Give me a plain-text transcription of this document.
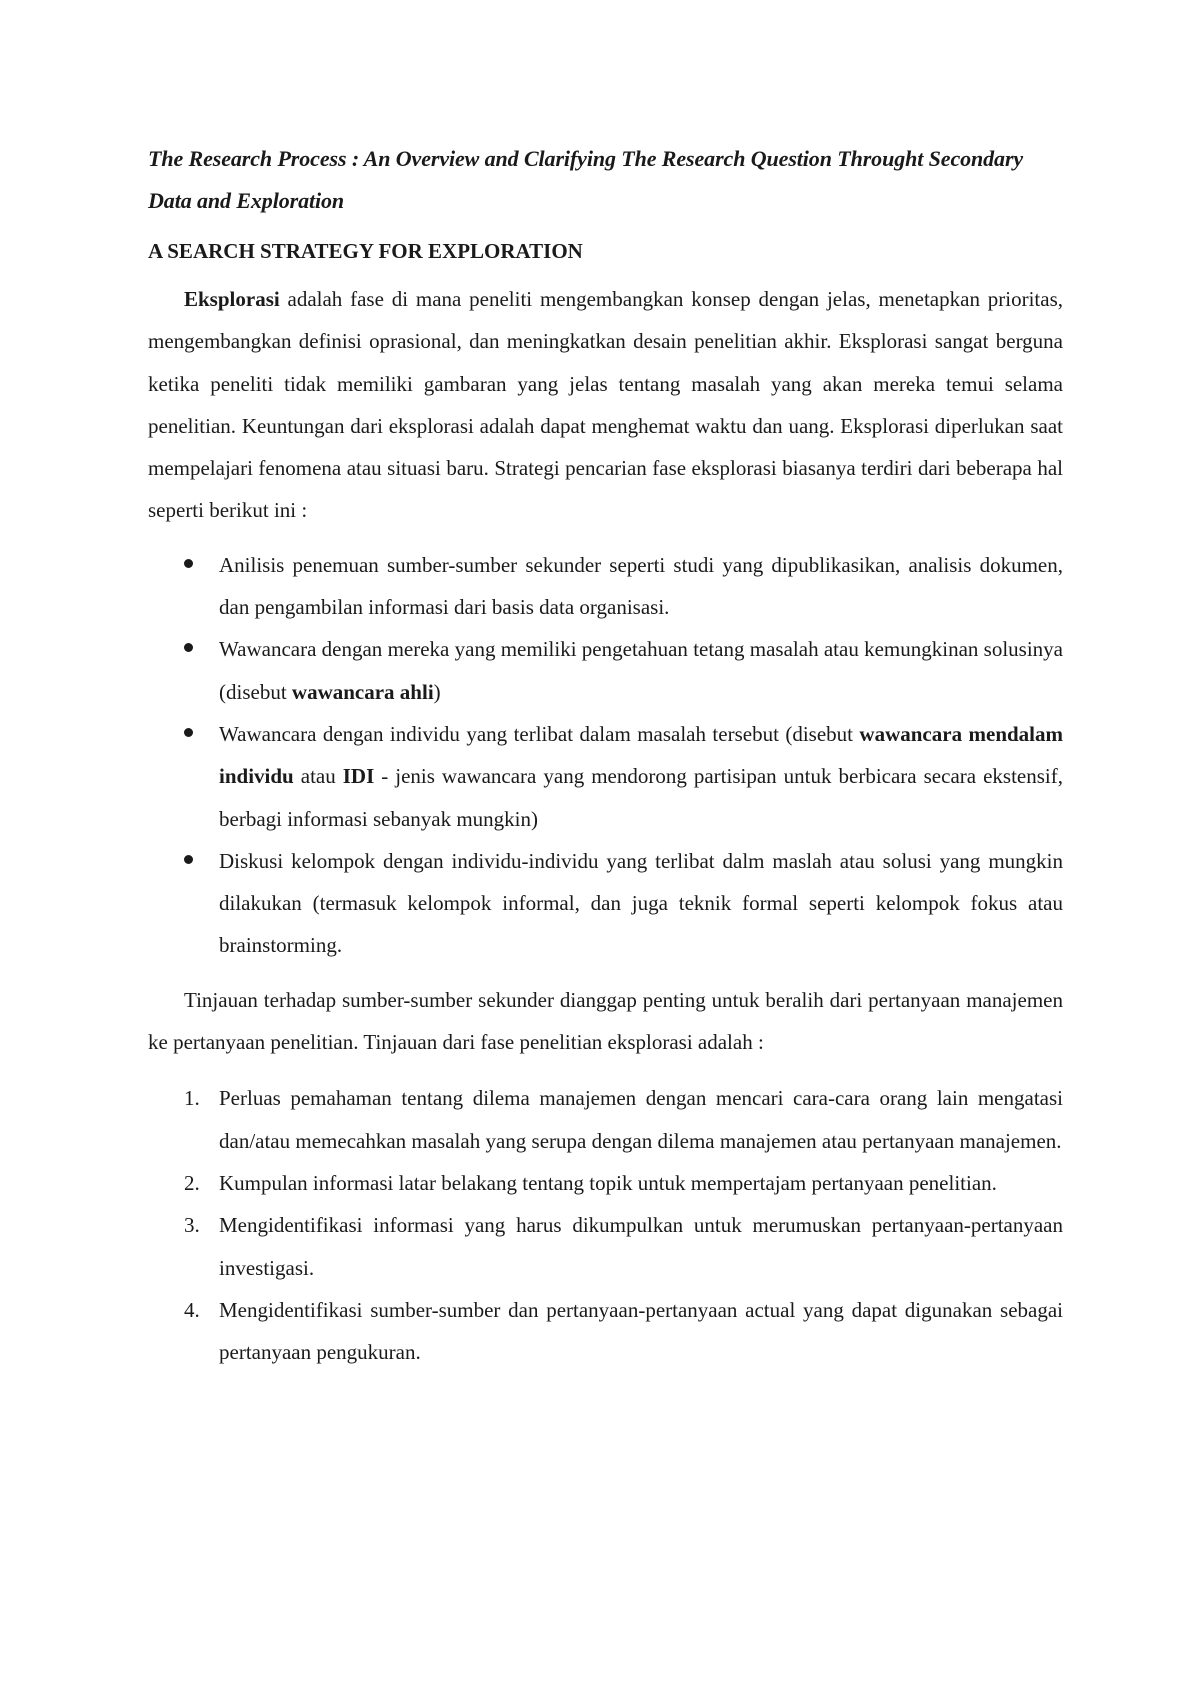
The Research Process : An Overview and Clarifying The Research Question Throught Secondary Data and Exploration
A SEARCH STRATEGY FOR EXPLORATION

Eksplorasi adalah fase di mana peneliti mengembangkan konsep dengan jelas, menetapkan prioritas, mengembangkan definisi oprasional, dan meningkatkan desain penelitian akhir. Eksplorasi sangat berguna ketika peneliti tidak memiliki gambaran yang jelas tentang masalah yang akan mereka temui selama penelitian. Keuntungan dari eksplorasi adalah dapat menghemat waktu dan uang. Eksplorasi diperlukan saat mempelajari fenomena atau situasi baru. Strategi pencarian fase eksplorasi biasanya terdiri dari beberapa hal seperti berikut ini :

Anilisis penemuan sumber-sumber sekunder seperti studi yang dipublikasikan, analisis dokumen, dan pengambilan informasi dari basis data organisasi.
Wawancara dengan mereka yang memiliki pengetahuan tetang masalah atau kemungkinan solusinya (disebut wawancara ahli)
Wawancara dengan individu yang terlibat dalam masalah tersebut (disebut wawancara mendalam individu atau IDI - jenis wawancara yang mendorong partisipan untuk berbicara secara ekstensif, berbagi informasi sebanyak mungkin)
Diskusi kelompok dengan individu-individu yang terlibat dalm maslah atau solusi yang mungkin dilakukan (termasuk kelompok informal, dan juga teknik formal seperti kelompok fokus atau brainstorming.

Tinjauan terhadap sumber-sumber sekunder dianggap penting untuk beralih dari pertanyaan manajemen ke pertanyaan penelitian. Tinjauan dari fase penelitian eksplorasi adalah :

1. Perluas pemahaman tentang dilema manajemen dengan mencari cara-cara orang lain mengatasi dan/atau memecahkan masalah yang serupa dengan dilema manajemen atau pertanyaan manajemen.
2. Kumpulan informasi latar belakang tentang topik untuk mempertajam pertanyaan penelitian.
3. Mengidentifikasi informasi yang harus dikumpulkan untuk merumuskan pertanyaan-pertanyaan investigasi.
4. Mengidentifikasi sumber-sumber dan pertanyaan-pertanyaan actual yang dapat digunakan sebagai pertanyaan pengukuran.
